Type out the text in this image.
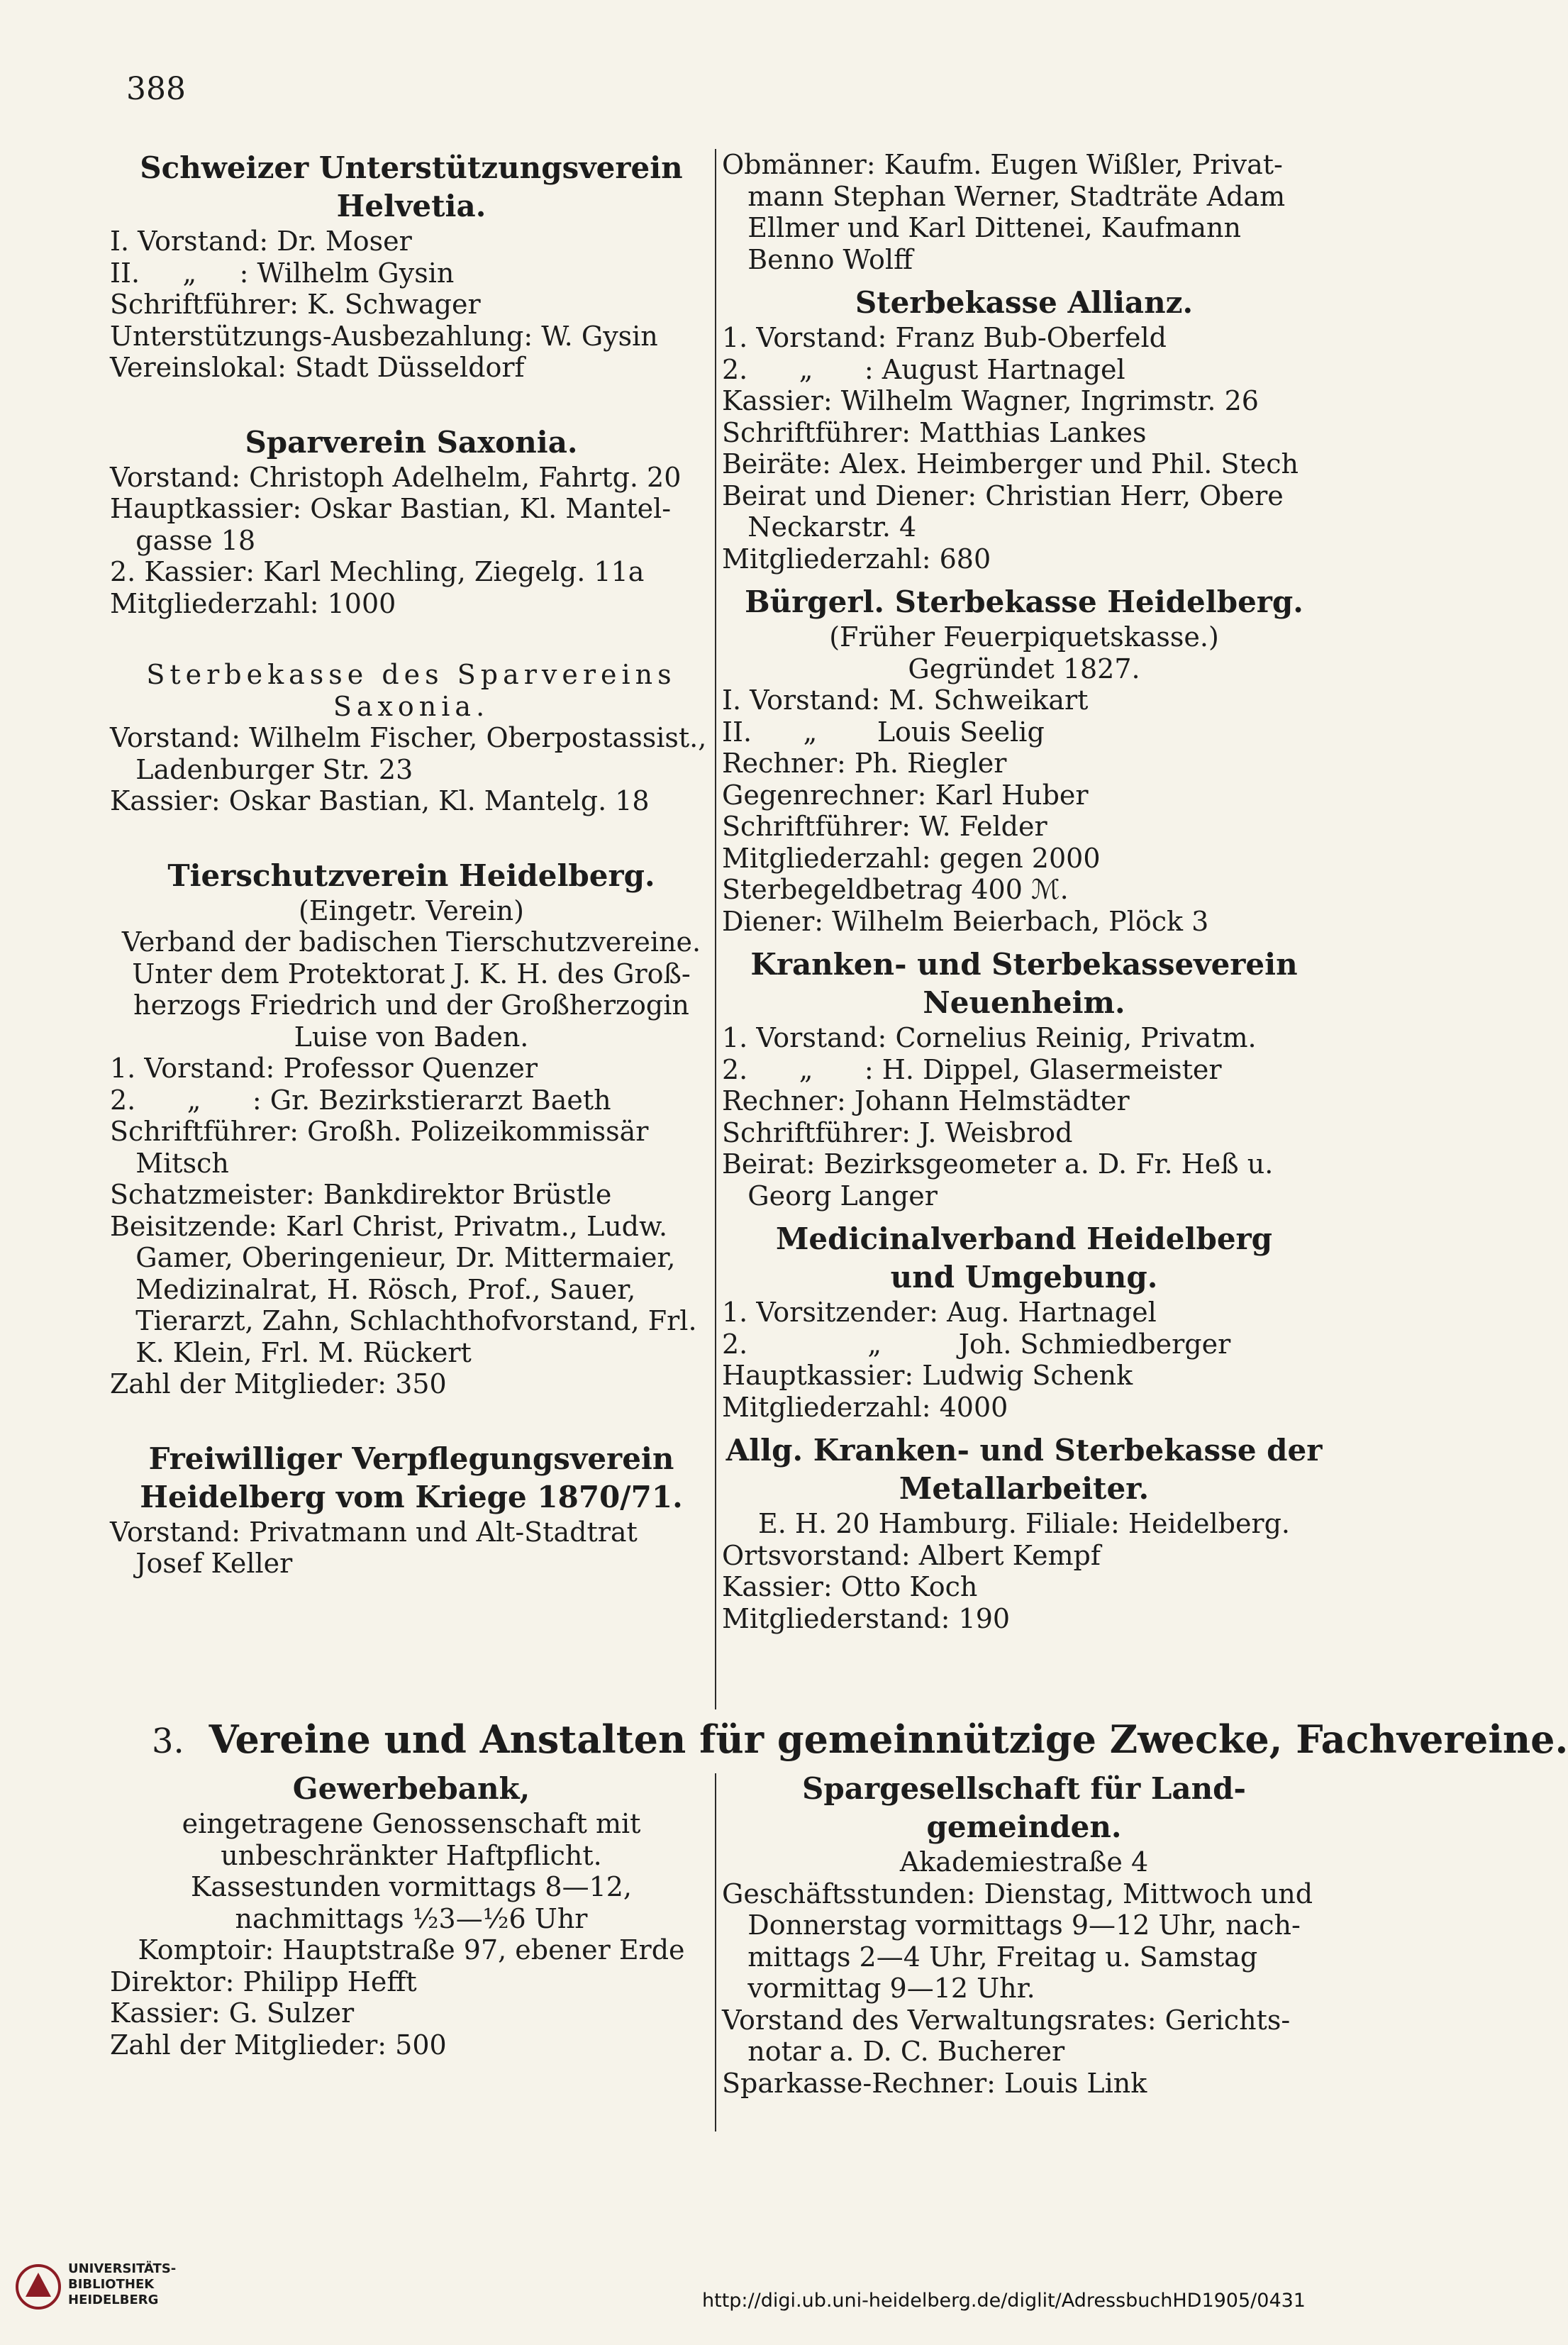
388
Schweizer Unterstützungsverein
Helvetia.
I. Vorstand: Dr. Moser
II.     „     : Wilhelm Gysin
Schriftführer: K. Schwager
Unterstützungs-Ausbezahlung: W. Gysin
Vereinslokal: Stadt Düsseldorf
Sparverein Saxonia.
Vorstand: Christoph Adelhelm, Fahrtg. 20
Hauptkassier: Oskar Bastian, Kl. Mantel-
gasse 18
2. Kassier: Karl Mechling, Ziegelg. 11a
Mitgliederzahl: 1000
Sterbekasse des Sparvereins
Saxonia.
Vorstand: Wilhelm Fischer, Oberpostassist.,
Ladenburger Str. 23
Kassier: Oskar Bastian, Kl. Mantelg. 18
Tierschutzverein Heidelberg.
(Eingetr. Verein)
Verband der badischen Tierschutzvereine.
Unter dem Protektorat J. K. H. des Groß-
herzogs Friedrich und der Großherzogin
Luise von Baden.
1. Vorstand: Professor Quenzer
2.      „      : Gr. Bezirkstierarzt Baeth
Schriftführer: Großh. Polizeikommissär
Mitsch
Schatzmeister: Bankdirektor Brüstle
Beisitzende: Karl Christ, Privatm., Ludw.
Gamer, Oberingenieur, Dr. Mittermaier,
Medizinalrat, H. Rösch, Prof., Sauer,
Tierarzt, Zahn, Schlachthofvorstand, Frl.
K. Klein, Frl. M. Rückert
Zahl der Mitglieder: 350
Freiwilliger Verpflegungsverein
Heidelberg vom Kriege 1870/71.
Vorstand: Privatmann und Alt-Stadtrat
Josef Keller
Obmänner: Kaufm. Eugen Wißler, Privat-
mann Stephan Werner, Stadträte Adam
Ellmer und Karl Dittenei, Kaufmann
Benno Wolff
Sterbekasse Allianz.
1. Vorstand: Franz Bub-Oberfeld
2.      „      : August Hartnagel
Kassier: Wilhelm Wagner, Ingrimstr. 26
Schriftführer: Matthias Lankes
Beiräte: Alex. Heimberger und Phil. Stech
Beirat und Diener: Christian Herr, Obere
Neckarstr. 4
Mitgliederzahl: 680
Bürgerl. Sterbekasse Heidelberg.
(Früher Feuerpiquetskasse.)
Gegründet 1827.
I. Vorstand: M. Schweikart
II.      „       Louis Seelig
Rechner: Ph. Riegler
Gegenrechner: Karl Huber
Schriftführer: W. Felder
Mitgliederzahl: gegen 2000
Sterbegeldbetrag 400 ℳ.
Diener: Wilhelm Beierbach, Plöck 3
Kranken- und Sterbekasseverein
Neuenheim.
1. Vorstand: Cornelius Reinig, Privatm.
2.      „      : H. Dippel, Glasermeister
Rechner: Johann Helmstädter
Schriftführer: J. Weisbrod
Beirat: Bezirksgeometer a. D. Fr. Heß u.
Georg Langer
Medicinalverband Heidelberg
und Umgebung.
1. Vorsitzender: Aug. Hartnagel
2.              „         Joh. Schmiedberger
Hauptkassier: Ludwig Schenk
Mitgliederzahl: 4000
Allg. Kranken- und Sterbekasse der
Metallarbeiter.
E. H. 20 Hamburg. Filiale: Heidelberg.
Ortsvorstand: Albert Kempf
Kassier: Otto Koch
Mitgliederstand: 190
3. Vereine und Anstalten für gemeinnützige Zwecke, Fachvereine.
Gewerbebank,
eingetragene Genossenschaft mit
unbeschränkter Haftpflicht.
Kassestunden vormittags 8—12,
nachmittags ½3—½6 Uhr
Komptoir: Hauptstraße 97, ebener Erde
Direktor: Philipp Hefft
Kassier: G. Sulzer
Zahl der Mitglieder: 500
Spargesellschaft für Land-
gemeinden.
Akademiestraße 4
Geschäftsstunden: Dienstag, Mittwoch und
Donnerstag vormittags 9—12 Uhr, nach-
mittags 2—4 Uhr, Freitag u. Samstag
vormittag 9—12 Uhr.
Vorstand des Verwaltungsrates: Gerichts-
notar a. D. C. Bucherer
Sparkasse-Rechner: Louis Link
UNIVERSITÄTS-
BIBLIOTHEK
HEIDELBERG	http://digi.ub.uni-heidelberg.de/diglit/AdressbuchHD1905/0431
